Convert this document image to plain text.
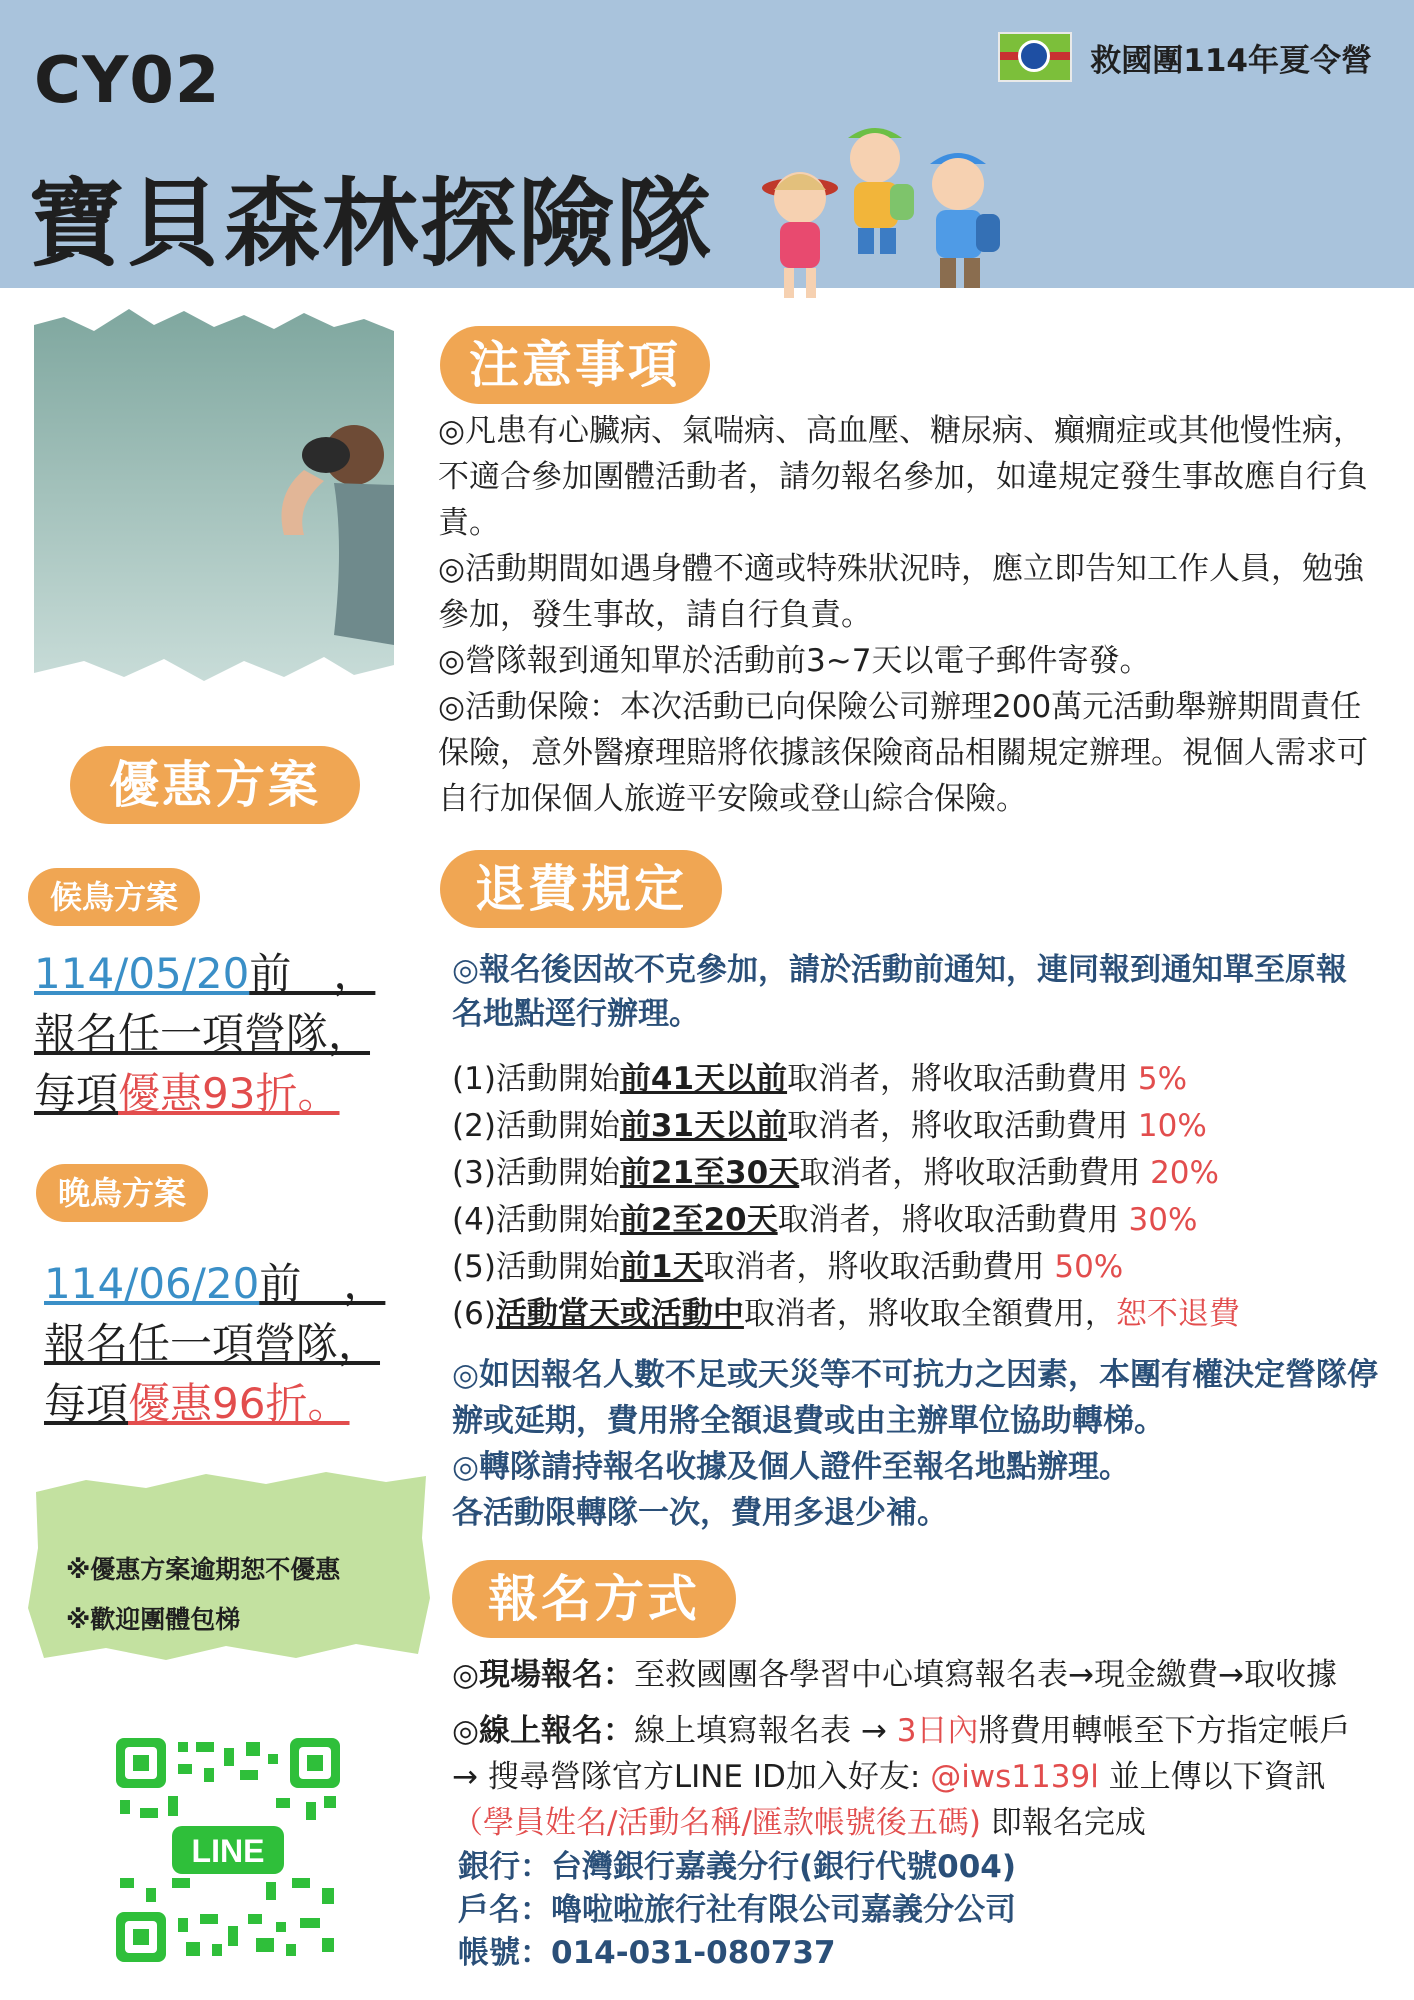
CY02
寶貝森林探險隊
救國團114年夏令營
注意事項

◎凡患有心臟病、氣喘病、高血壓、糖尿病、癲癇症或其他慢性病，不適合參加團體活動者，請勿報名參加，如違規定發生事故應自行負責。

◎活動期間如遇身體不適或特殊狀況時，應立即告知工作人員，勉強參加，發生事故，請自行負責。

◎營隊報到通知單於活動前3~7天以電子郵件寄發。

◎活動保險：本次活動已向保險公司辦理200萬元活動舉辦期間責任保險，意外醫療理賠將依據該保險商品相關規定辦理。視個人需求可自行加保個人旅遊平安險或登山綜合保險。

優惠方案
候鳥方案
114/05/20前　，
報名任一項營隊，
每項優惠93折。
晚鳥方案
114/06/20前　，
報名任一項營隊，
每項優惠96折。
※優惠方案逾期恕不優惠
※歡迎團體包梯
退費規定
◎報名後因故不克參加，請於活動前通知，連同報到通知單至原報名地點逕行辦理。
(1)活動開始前41天以前取消者，將收取活動費用 5%
(2)活動開始前31天以前取消者，將收取活動費用 10%
(3)活動開始前21至30天取消者，將收取活動費用 20%
(4)活動開始前2至20天取消者，將收取活動費用 30%
(5)活動開始前1天取消者，將收取活動費用 50%
(6)活動當天或活動中取消者，將收取全額費用，恕不退費
◎如因報名人數不足或天災等不可抗力之因素，本團有權決定營隊停辦或延期，費用將全額退費或由主辦單位協助轉梯。
◎轉隊請持報名收據及個人證件至報名地點辦理。
各活動限轉隊一次，費用多退少補。
報名方式
◎現場報名：至救國團各學習中心填寫報名表→現金繳費→取收據
◎線上報名：線上填寫報名表 → 3日內將費用轉帳至下方指定帳戶 → 搜尋營隊官方LINE ID加入好友: @iws1139l 並上傳以下資訊（學員姓名/活動名稱/匯款帳號後五碼) 即報名完成
銀行：台灣銀行嘉義分行(銀行代號004)
戶名：嚕啦啦旅行社有限公司嘉義分公司
帳號：014-031-080737
LINE
